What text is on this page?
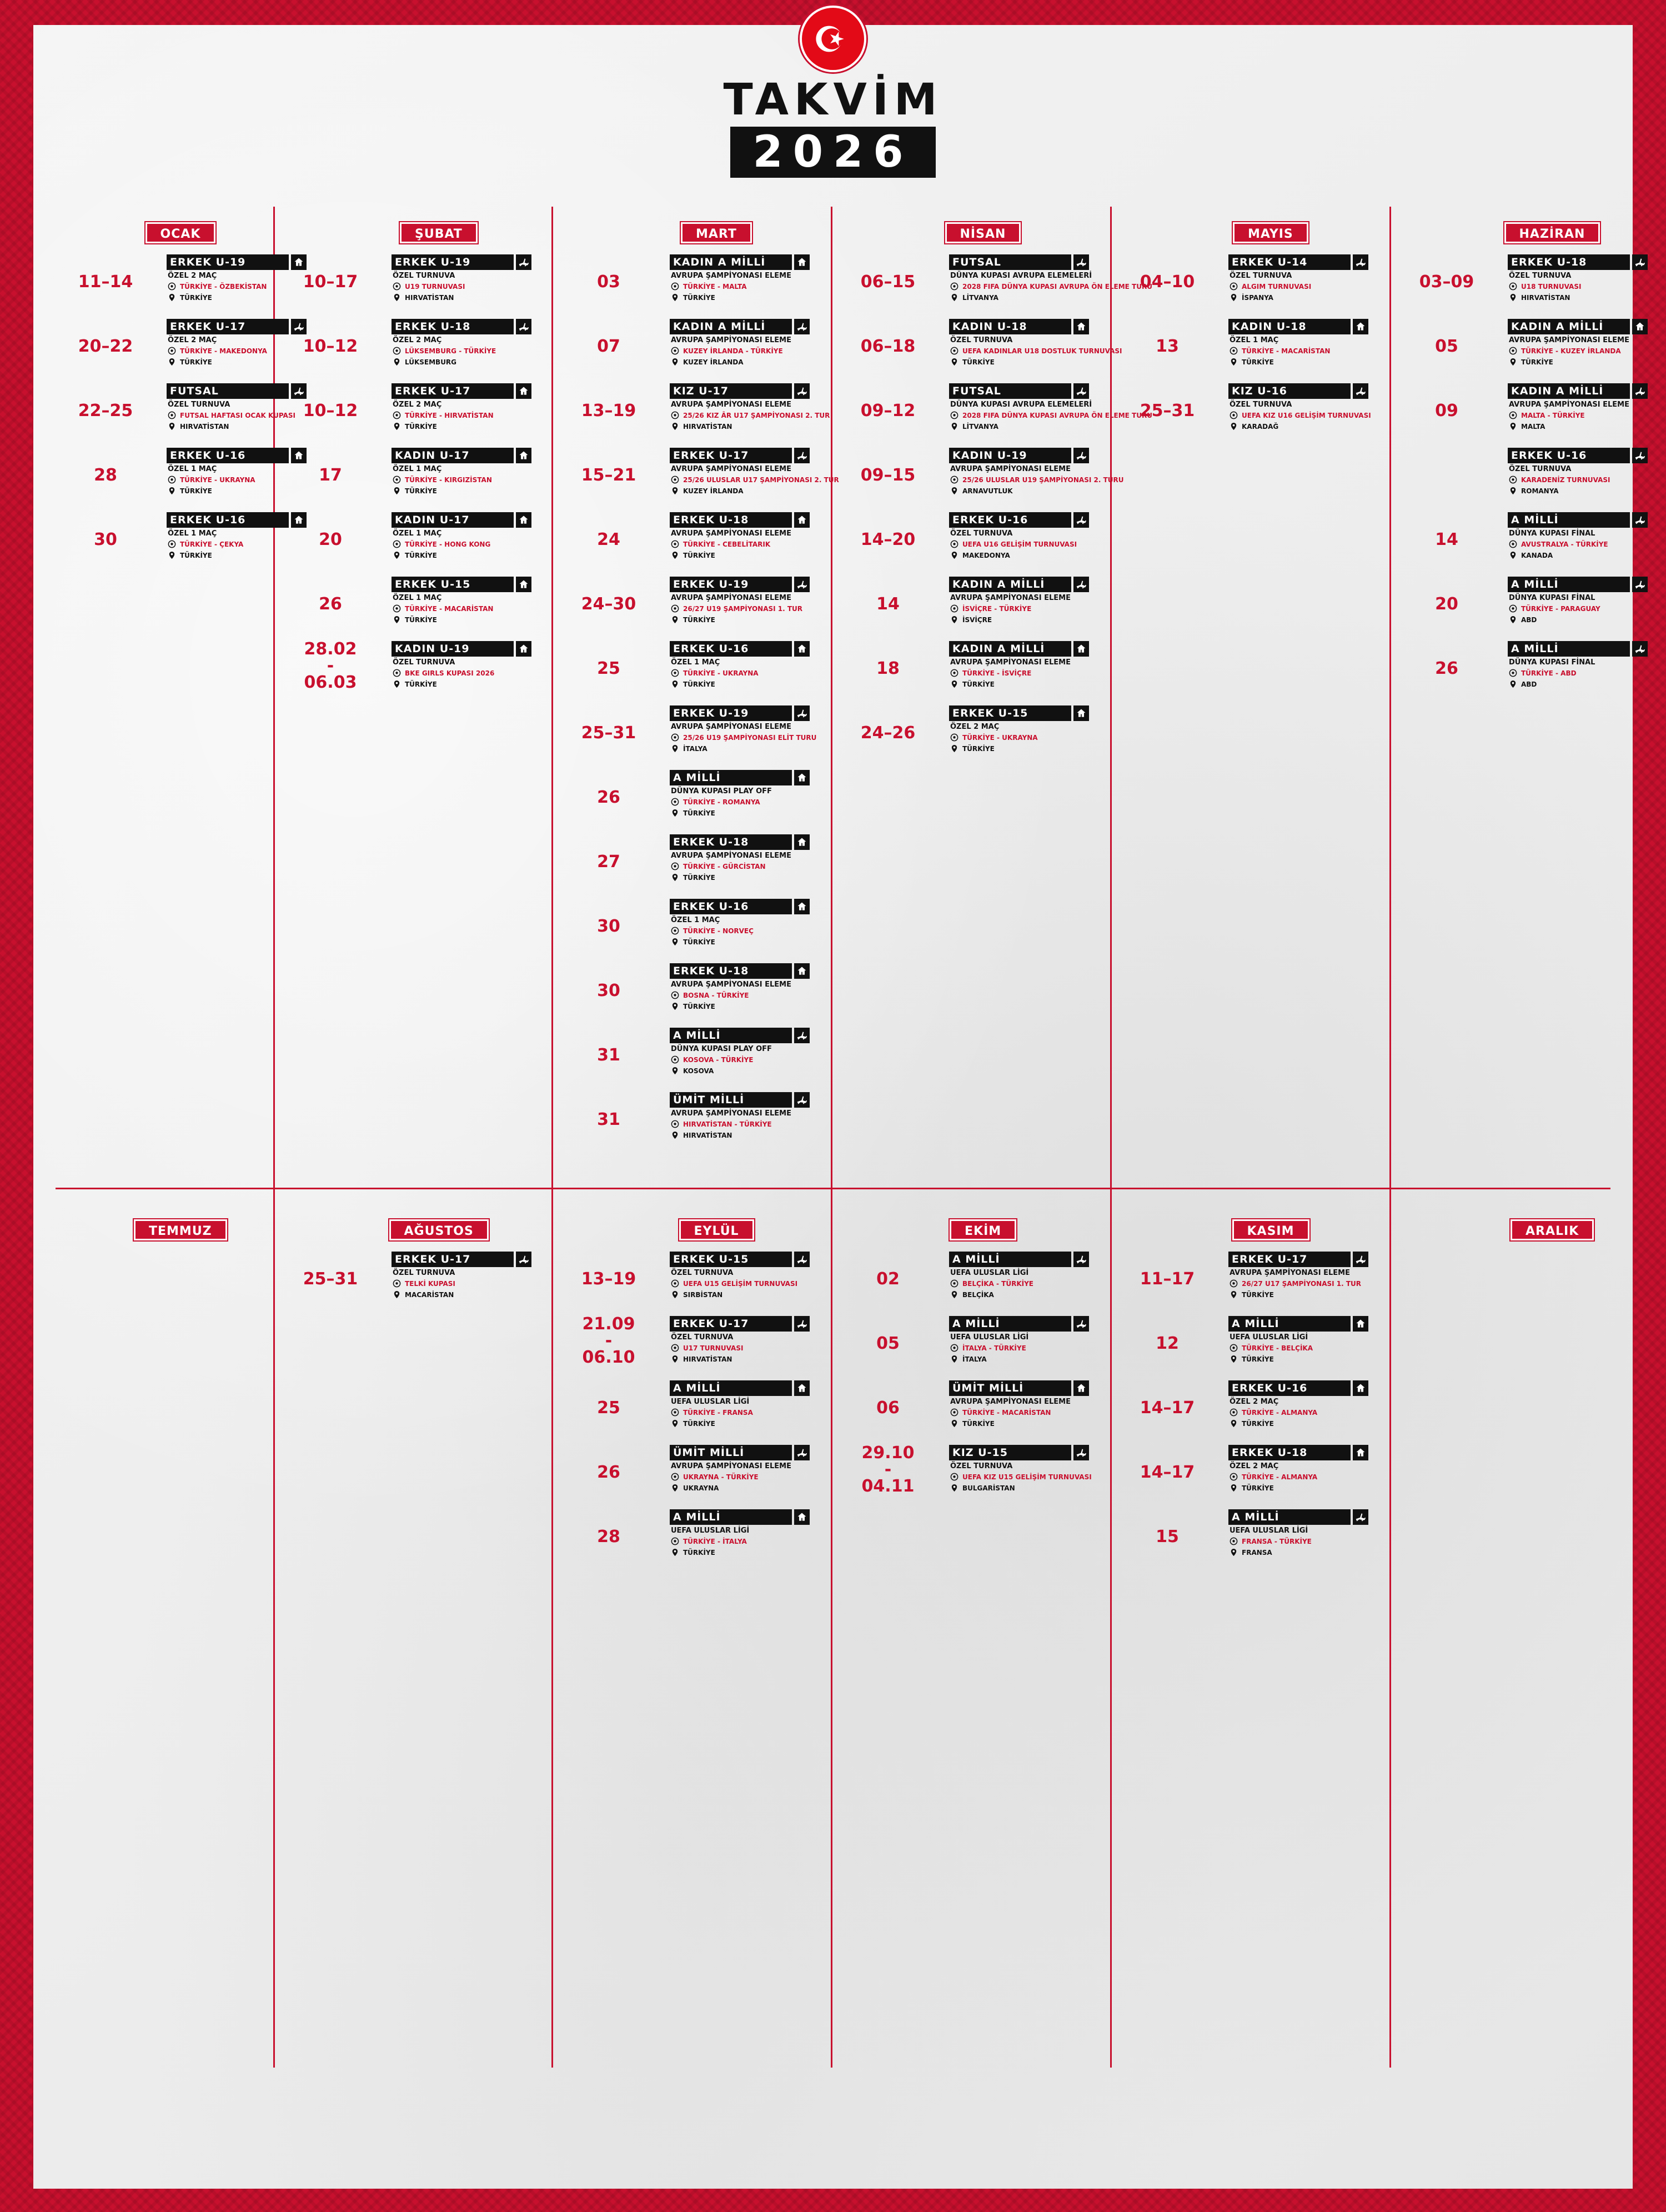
TAKVİM
2026
OCAK
11–14
ERKEK U-19
ÖZEL 2 MAÇ
TÜRKİYE - ÖZBEKİSTAN
TÜRKİYE
20–22
ERKEK U-17
ÖZEL 2 MAÇ
TÜRKİYE - MAKEDONYA
TÜRKİYE
22–25
FUTSAL
ÖZEL TURNUVA
FUTSAL HAFTASI OCAK KUPASI
HIRVATİSTAN
28
ERKEK U-16
ÖZEL 1 MAÇ
TÜRKİYE - UKRAYNA
TÜRKİYE
30
ERKEK U-16
ÖZEL 1 MAÇ
TÜRKİYE - ÇEKYA
TÜRKİYE
ŞUBAT
10–17
ERKEK U-19
ÖZEL TURNUVA
U19 TURNUVASI
HIRVATİSTAN
10–12
ERKEK U-18
ÖZEL 2 MAÇ
LÜKSEMBURG - TÜRKİYE
LÜKSEMBURG
10–12
ERKEK U-17
ÖZEL 2 MAÇ
TÜRKİYE - HIRVATİSTAN
TÜRKİYE
17
KADIN U-17
ÖZEL 1 MAÇ
TÜRKİYE - KIRGIZİSTAN
TÜRKİYE
20
KADIN U-17
ÖZEL 1 MAÇ
TÜRKİYE - HONG KONG
TÜRKİYE
26
ERKEK U-15
ÖZEL 1 MAÇ
TÜRKİYE - MACARİSTAN
TÜRKİYE
28.02
-
06.03
KADIN U-19
ÖZEL TURNUVA
BKE GIRLS KUPASI 2026
TÜRKİYE
MART
03
KADIN A MİLLİ
AVRUPA ŞAMPİYONASI ELEME
TÜRKİYE - MALTA
TÜRKİYE
07
KADIN A MİLLİ
AVRUPA ŞAMPİYONASI ELEME
KUZEY İRLANDA - TÜRKİYE
KUZEY İRLANDA
13–19
KIZ U-17
AVRUPA ŞAMPİYONASI ELEME
25/26 KIZ ÂR U17 ŞAMPİYONASI 2. TUR
HIRVATİSTAN
15–21
ERKEK U-17
AVRUPA ŞAMPİYONASI ELEME
25/26 ULUSLAR U17 ŞAMPİYONASI 2. TUR
KUZEY İRLANDA
24
ERKEK U-18
AVRUPA ŞAMPİYONASI ELEME
TÜRKİYE - CEBELİTARIK
TÜRKİYE
24–30
ERKEK U-19
AVRUPA ŞAMPİYONASI ELEME
26/27 U19 ŞAMPİYONASI 1. TUR
TÜRKİYE
25
ERKEK U-16
ÖZEL 1 MAÇ
TÜRKİYE - UKRAYNA
TÜRKİYE
25–31
ERKEK U-19
AVRUPA ŞAMPİYONASI ELEME
25/26 U19 ŞAMPİYONASI ELİT TURU
İTALYA
26
A MİLLİ
DÜNYA KUPASI PLAY OFF
TÜRKİYE - ROMANYA
TÜRKİYE
27
ERKEK U-18
AVRUPA ŞAMPİYONASI ELEME
TÜRKİYE - GÜRCİSTAN
TÜRKİYE
30
ERKEK U-16
ÖZEL 1 MAÇ
TÜRKİYE - NORVEÇ
TÜRKİYE
30
ERKEK U-18
AVRUPA ŞAMPİYONASI ELEME
BOSNA - TÜRKİYE
TÜRKİYE
31
A MİLLİ
DÜNYA KUPASI PLAY OFF
KOSOVA - TÜRKİYE
KOSOVA
31
ÜMİT MİLLİ
AVRUPA ŞAMPİYONASI ELEME
HIRVATİSTAN - TÜRKİYE
HIRVATİSTAN
NİSAN
06–15
FUTSAL
DÜNYA KUPASI AVRUPA ELEMELERİ
2028 FIFA DÜNYA KUPASI AVRUPA ÖN ELEME TURU
LİTVANYA
06–18
KADIN U-18
ÖZEL TURNUVA
UEFA KADINLAR U18 DOSTLUK TURNUVASI
TÜRKİYE
09–12
FUTSAL
DÜNYA KUPASI AVRUPA ELEMELERİ
2028 FIFA DÜNYA KUPASI AVRUPA ÖN ELEME TURU
LİTVANYA
09–15
KADIN U-19
AVRUPA ŞAMPİYONASI ELEME
25/26 ULUSLAR U19 ŞAMPİYONASI 2. TURU
ARNAVUTLUK
14–20
ERKEK U-16
ÖZEL TURNUVA
UEFA U16 GELİŞİM TURNUVASI
MAKEDONYA
14
KADIN A MİLLİ
AVRUPA ŞAMPİYONASI ELEME
İSVİÇRE - TÜRKİYE
İSVİÇRE
18
KADIN A MİLLİ
AVRUPA ŞAMPİYONASI ELEME
TÜRKİYE - İSVİÇRE
TÜRKİYE
24–26
ERKEK U-15
ÖZEL 2 MAÇ
TÜRKİYE - UKRAYNA
TÜRKİYE
MAYIS
04–10
ERKEK U-14
ÖZEL TURNUVA
ALGIM TURNUVASI
İSPANYA
13
KADIN U-18
ÖZEL 1 MAÇ
TÜRKİYE - MACARİSTAN
TÜRKİYE
25–31
KIZ U-16
ÖZEL TURNUVA
UEFA KIZ U16 GELİŞİM TURNUVASI
KARADAĞ
HAZİRAN
03–09
ERKEK U-18
ÖZEL TURNUVA
U18 TURNUVASI
HIRVATİSTAN
05
KADIN A MİLLİ
AVRUPA ŞAMPİYONASI ELEME
TÜRKİYE - KUZEY İRLANDA
TÜRKİYE
09
KADIN A MİLLİ
AVRUPA ŞAMPİYONASI ELEME
MALTA - TÜRKİYE
MALTA
ERKEK U-16
ÖZEL TURNUVA
KARADENİZ TURNUVASI
ROMANYA
14
A MİLLİ
DÜNYA KUPASI FİNAL
AVUSTRALYA - TÜRKİYE
KANADA
20
A MİLLİ
DÜNYA KUPASI FİNAL
TÜRKİYE - PARAGUAY
ABD
26
A MİLLİ
DÜNYA KUPASI FİNAL
TÜRKİYE - ABD
ABD
TEMMUZ	AĞUSTOS
25–31
ERKEK U-17
ÖZEL TURNUVA
TELKİ KUPASI
MACARİSTAN
EYLÜL
13–19
ERKEK U-15
ÖZEL TURNUVA
UEFA U15 GELİŞİM TURNUVASI
SIRBİSTAN
21.09
-
06.10
ERKEK U-17
ÖZEL TURNUVA
U17 TURNUVASI
HIRVATİSTAN
25
A MİLLİ
UEFA ULUSLAR LİGİ
TÜRKİYE - FRANSA
TÜRKİYE
26
ÜMİT MİLLİ
AVRUPA ŞAMPİYONASI ELEME
UKRAYNA - TÜRKİYE
UKRAYNA
28
A MİLLİ
UEFA ULUSLAR LİGİ
TÜRKİYE - İTALYA
TÜRKİYE
EKİM
02
A MİLLİ
UEFA ULUSLAR LİGİ
BELÇİKA - TÜRKİYE
BELÇİKA
05
A MİLLİ
UEFA ULUSLAR LİGİ
İTALYA - TÜRKİYE
İTALYA
06
ÜMİT MİLLİ
AVRUPA ŞAMPİYONASI ELEME
TÜRKİYE - MACARİSTAN
TÜRKİYE
29.10
-
04.11
KIZ U-15
ÖZEL TURNUVA
UEFA KIZ U15 GELİŞİM TURNUVASI
BULGARİSTAN
KASIM
11–17
ERKEK U-17
AVRUPA ŞAMPİYONASI ELEME
26/27 U17 ŞAMPİYONASI 1. TUR
TÜRKİYE
12
A MİLLİ
UEFA ULUSLAR LİGİ
TÜRKİYE - BELÇİKA
TÜRKİYE
14–17
ERKEK U-16
ÖZEL 2 MAÇ
TÜRKİYE - ALMANYA
TÜRKİYE
14–17
ERKEK U-18
ÖZEL 2 MAÇ
TÜRKİYE - ALMANYA
TÜRKİYE
15
A MİLLİ
UEFA ULUSLAR LİGİ
FRANSA - TÜRKİYE
FRANSA
ARALIK
